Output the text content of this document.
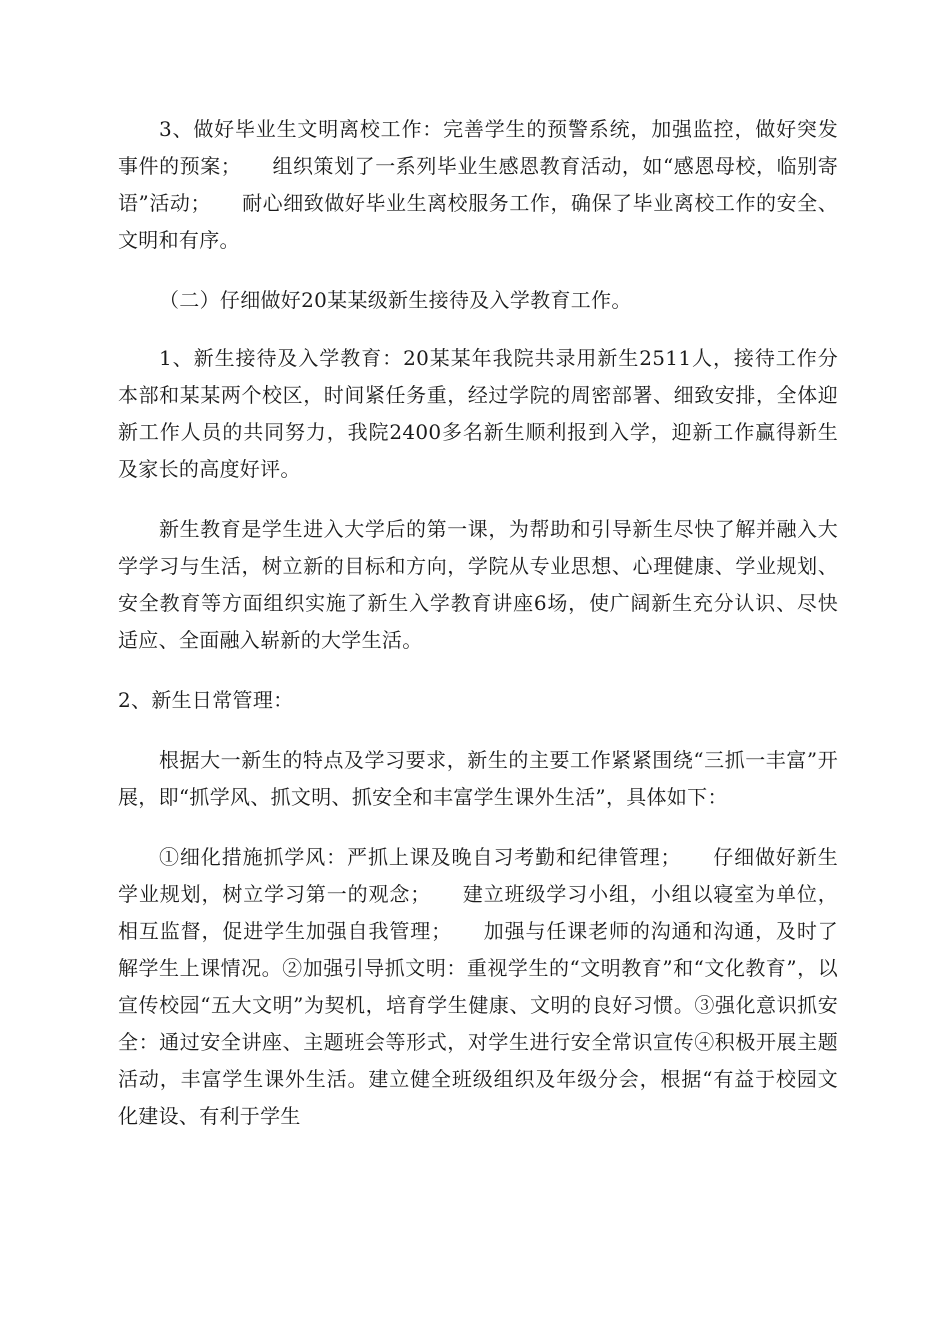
3、做好毕业生文明离校工作：完善学生的预警系统，加强监控，做好突发事件的预案；　　组织策划了一系列毕业生感恩教育活动，如“感恩母校，临别寄语”活动；　　耐心细致做好毕业生离校服务工作，确保了毕业离校工作的安全、文明和有序。

（二）仔细做好20某某级新生接待及入学教育工作。

1、新生接待及入学教育：20某某年我院共录用新生2511人，接待工作分本部和某某两个校区，时间紧任务重，经过学院的周密部署、细致安排，全体迎新工作人员的共同努力，我院2400多名新生顺利报到入学，迎新工作赢得新生及家长的高度好评。

新生教育是学生进入大学后的第一课，为帮助和引导新生尽快了解并融入大学学习与生活，树立新的目标和方向，学院从专业思想、心理健康、学业规划、安全教育等方面组织实施了新生入学教育讲座6场，使广阔新生充分认识、尽快适应、全面融入崭新的大学生活。

2、新生日常管理：

根据大一新生的特点及学习要求，新生的主要工作紧紧围绕“三抓一丰富”开展，即“抓学风、抓文明、抓安全和丰富学生课外生活”，具体如下：

①细化措施抓学风：严抓上课及晚自习考勤和纪律管理；　　仔细做好新生学业规划，树立学习第一的观念；　　建立班级学习小组，小组以寝室为单位，相互监督，促进学生加强自我管理；　　加强与任课老师的沟通和沟通，及时了解学生上课情况。②加强引导抓文明：重视学生的“文明教育”和“文化教育”，以宣传校园“五大文明”为契机，培育学生健康、文明的良好习惯。③强化意识抓安全：通过安全讲座、主题班会等形式，对学生进行安全常识宣传④积极开展主题活动，丰富学生课外生活。建立健全班级组织及年级分会，根据“有益于校园文化建设、有利于学生
